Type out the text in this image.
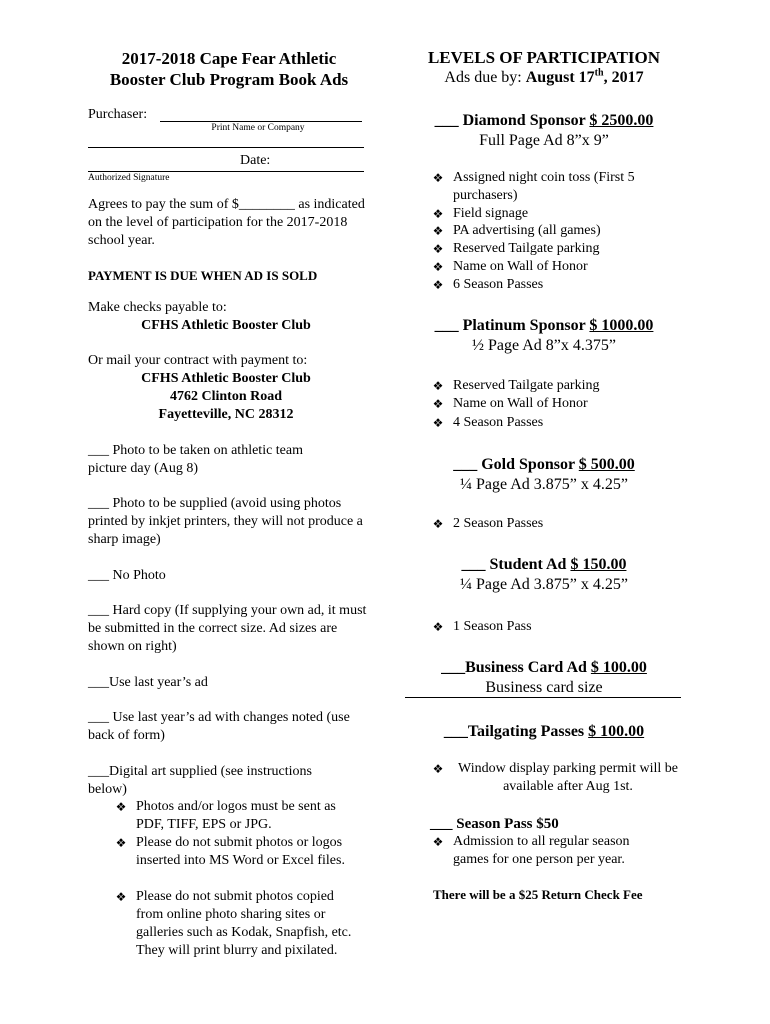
2017-2018 Cape Fear Athletic
Booster Club Program Book Ads
Purchaser:
Print Name or Company
Date:
Authorized Signature
Agrees to pay the sum of $________ as indicated on the level of participation for the 2017-2018 school year.
PAYMENT IS DUE WHEN AD IS SOLD
Make checks payable to:
CFHS Athletic Booster Club
Or mail your contract with payment to:
CFHS Athletic Booster Club
4762 Clinton Road
Fayetteville, NC 28312
___ Photo to be taken on athletic team picture day (Aug 8)
___ Photo to be supplied (avoid using photos printed by inkjet printers, they will not produce a sharp image)
___ No Photo
___ Hard copy (If supplying your own ad, it must be submitted in the correct size. Ad sizes are shown on right)
___Use last year’s ad
___ Use last year’s ad with changes noted (use back of form)
___Digital art supplied (see instructions below)
❖ Photos and/or logos must be sent as PDF, TIFF, EPS or JPG.
❖ Please do not submit photos or logos inserted into MS Word or Excel files.
❖ Please do not submit photos copied from online photo sharing sites or galleries such as Kodak, Snapfish, etc. They will print blurry and pixilated.
LEVELS OF PARTICIPATION
Ads due by: August 17th, 2017
___ Diamond Sponsor $ 2500.00
Full Page Ad 8”x 9”
❖ Assigned night coin toss (First 5 purchasers)
❖ Field signage
❖ PA advertising (all games)
❖ Reserved Tailgate parking
❖ Name on Wall of Honor
❖ 6 Season Passes
___ Platinum Sponsor $ 1000.00
½ Page Ad 8”x 4.375”
❖ Reserved Tailgate parking
❖ Name on Wall of Honor
❖ 4 Season Passes
___ Gold Sponsor $ 500.00
¼ Page Ad 3.875” x 4.25”
❖ 2 Season Passes
___ Student Ad $ 150.00
¼ Page Ad 3.875” x 4.25”
❖ 1 Season Pass
___Business Card Ad $ 100.00
Business card size
___Tailgating Passes $ 100.00
❖	Window display parking permit will be available after Aug 1st.
___ Season Pass $50
❖ Admission to all regular season games for one person per year.
There will be a $25 Return Check Fee
